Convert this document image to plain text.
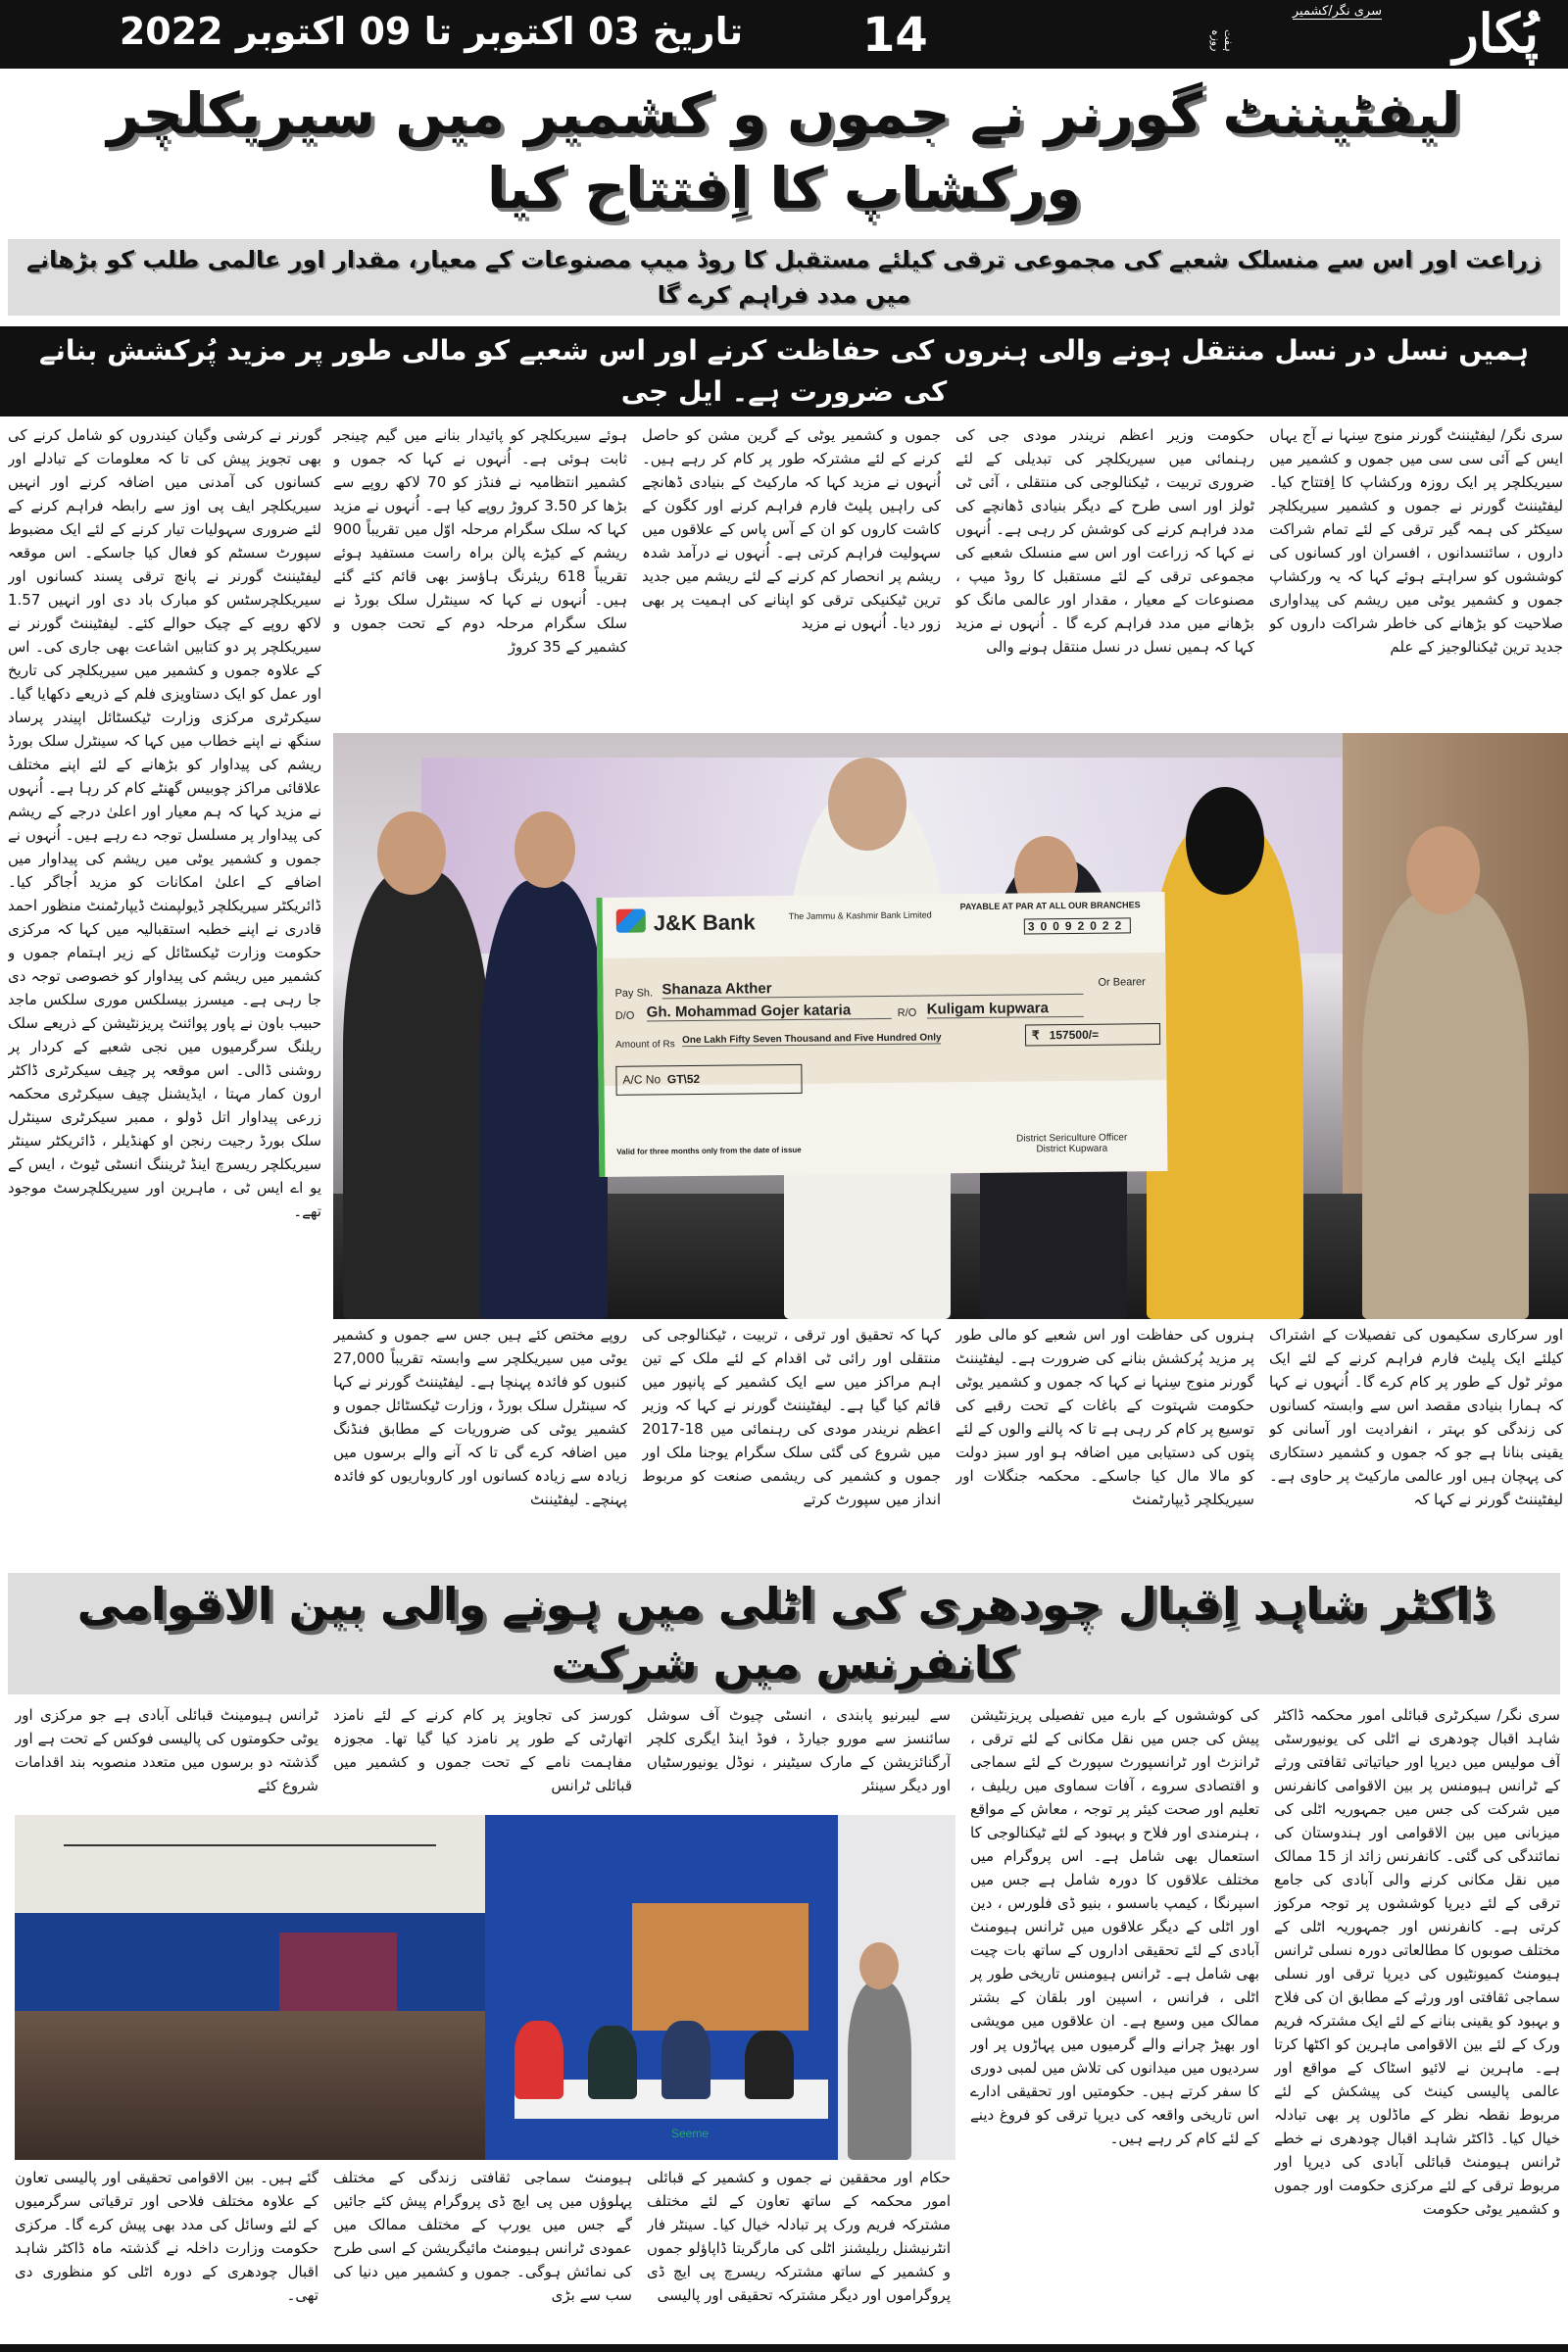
پُکار
سری نگر/کشمیر
ہفت روزہ
14
تاریخ 03 اکتوبر تا 09 اکتوبر 2022
لیفٹیننٹ گورنر نے جموں و کشمیر میں سیریکلچر ورکشاپ کا اِفتتاح کیا
زراعت اور اس سے منسلک شعبے کی مجموعی ترقی کیلئے مستقبل کا روڈ میپ مصنوعات کے معیار، مقدار اور عالمی طلب کو بڑھانے میں مدد فراہم کرے گا
ہمیں نسل در نسل منتقل ہونے والی ہنروں کی حفاظت کرنے اور اس شعبے کو مالی طور پر مزید پُرکشش بنانے کی ضرورت ہے۔ ایل جی
سری نگر/ لیفٹیننٹ گورنر منوج سِنہا نے آج یہاں ایس کے آئی سی سی میں جموں و کشمیر میں سیریکلچر پر ایک روزہ ورکشاپ کا اِفتتاح کیا۔ لیفٹیننٹ گورنر نے جموں و کشمیر سیریکلچر سیکٹر کی ہمہ گیر ترقی کے لئے تمام شراکت داروں ، سائنسدانوں ، افسران اور کسانوں کی کوششوں کو سراہتے ہوئے کہا کہ یہ ورکشاپ جموں و کشمیر یوٹی میں ریشم کی پیداواری صلاحیت کو بڑھانے کی خاطر شراکت داروں کو جدید ترین ٹیکنالوجیز کے علم
حکومت وزیر اعظم نریندر مودی جی کی رہنمائی میں سیریکلچر کی تبدیلی کے لئے ضروری تربیت ، ٹیکنالوجی کی منتقلی ، آئی ٹی ٹولز اور اسی طرح کے دیگر بنیادی ڈھانچے کی مدد فراہم کرنے کی کوشش کر رہی ہے۔ اُنہوں نے کہا کہ زراعت اور اس سے منسلک شعبے کی مجموعی ترقی کے لئے مستقبل کا روڈ میپ ، مصنوعات کے معیار ، مقدار اور عالمی مانگ کو بڑھانے میں مدد فراہم کرے گا ۔ اُنہوں نے مزید کہا کہ ہمیں نسل در نسل منتقل ہونے والی
جموں و کشمیر یوٹی کے گرین مشن کو حاصل کرنے کے لئے مشترکہ طور پر کام کر رہے ہیں۔ اُنہوں نے مزید کہا کہ مارکیٹ کے بنیادی ڈھانچے کی راہیں پلیٹ فارم فراہم کرنے اور کگون کے کاشت کاروں کو ان کے آس پاس کے علاقوں میں سہولیت فراہم کرتی ہے۔ اُنہوں نے درآمد شدہ ریشم پر انحصار کم کرنے کے لئے ریشم میں جدید ترین ٹیکنیکی ترقی کو اپنانے کی اہمیت پر بھی زور دیا۔ اُنہوں نے مزید
ہوئے سیریکلچر کو پائیدار بنانے میں گیم چینجر ثابت ہوئی ہے۔ اُنہوں نے کہا کہ جموں و کشمیر انتظامیہ نے فنڈز کو 70 لاکھ روپے سے بڑھا کر 3.50 کروڑ روپے کیا ہے۔ اُنہوں نے مزید کہا کہ سلک سگرام مرحلہ اوّل میں تقریباً 900 ریشم کے کیڑے پالن براہ راست مستفید ہوئے تقریباً 618 ریئرنگ ہاؤسز بھی قائم کئے گئے ہیں۔ اُنہوں نے کہا کہ سینٹرل سلک بورڈ نے سلک سگرام مرحلہ دوم کے تحت جموں و کشمیر کے 35 کروڑ
گورنر نے کرشی وگیان کیندروں کو شامل کرنے کی بھی تجویز پیش کی تا کہ معلومات کے تبادلے اور کسانوں کی آمدنی میں اضافہ کرنے اور انہیں سیریکلچر ایف پی اوز سے رابطہ فراہم کرنے کے لئے ضروری سہولیات تیار کرنے کے لئے ایک مضبوط سپورٹ سسٹم کو فعال کیا جاسکے۔ اس موقعہ لیفٹیننٹ گورنر نے پانچ ترقی پسند کسانوں اور سیریکلچرسٹس کو مبارک باد دی اور انہیں 1.57 لاکھ روپے کے چیک حوالے کئے۔ لیفٹیننٹ گورنر نے سیریکلچر پر دو کتابیں اشاعت بھی جاری کی۔ اس کے علاوہ جموں و کشمیر میں سیریکلچر کی تاریخ اور عمل کو ایک دستاویزی فلم کے ذریعے دکھایا گیا۔ سیکرٹری مرکزی وزارت ٹیکسٹائل اپیندر پرساد سنگھ نے اپنے خطاب میں کہا کہ سینٹرل سلک بورڈ ریشم کی پیداوار کو بڑھانے کے لئے اپنے مختلف علاقائی مراکز چوبیس گھنٹے کام کر رہا ہے۔ اُنہوں نے مزید کہا کہ ہم معیار اور اعلیٰ درجے کے ریشم کی پیداوار پر مسلسل توجہ دے رہے ہیں۔ اُنہوں نے جموں و کشمیر یوٹی میں ریشم کی پیداوار میں اضافے کے اعلیٰ امکانات کو مزید اُجاگر کیا۔ ڈائریکٹر سیریکلچر ڈیولپمنٹ ڈیپارٹمنٹ منظور احمد قادری نے اپنے خطبہ استقبالیہ میں کہا کہ مرکزی حکومت وزارت ٹیکسٹائل کے زیر اہتمام جموں و کشمیر میں ریشم کی پیداوار کو خصوصی توجہ دی جا رہی ہے۔ میسرز بیسلکس موری سلکس ماجد حبیب باون نے پاور پوائنٹ پریزنٹیشن کے ذریعے سلک ریلنگ سرگرمیوں میں نجی شعبے کے کردار پر روشنی ڈالی۔ اس موقعہ پر چیف سیکرٹری ڈاکٹر ارون کمار مہتا ، ایڈیشنل چیف سیکرٹری محکمہ زرعی پیداوار اتل ڈولو ، ممبر سیکرٹری سینٹرل سلک بورڈ رجیت رنجن او کھنڈیلر ، ڈائریکٹر سینٹر سیریکلچر ریسرچ اینڈ ٹریننگ انسٹی ٹیوٹ ، ایس کے یو اے ایس ٹی ، ماہرین اور سیریکلچرسٹ موجود تھے۔
J&K Bank	The Jammu & Kashmir Bank Limited
PAYABLE AT PAR AT ALL OUR BRANCHES
30092022
Pay Sh. Shanaza Akther	Or Bearer
D/O Gh. Mohammad Gojer kataria	R/O Kuligam kupwara
Amount of Rs One Lakh Fifty Seven Thousand and Five Hundred Only	₹ 157500/=
A/C No GT\52
Valid for three months only from the date of issue
District Sericulture Officer
District Kupwara
اور سرکاری سکیموں کی تفصیلات کے اشتراک کیلئے ایک پلیٹ فارم فراہم کرنے کے لئے ایک موثر ٹول کے طور پر کام کرے گا۔ اُنہوں نے کہا کہ ہمارا بنیادی مقصد اس سے وابستہ کسانوں کی زندگی کو بہتر ، انفرادیت اور آسانی کو یقینی بنانا ہے جو کہ جموں و کشمیر دستکاری کی پہچان ہیں اور عالمی مارکیٹ پر حاوی ہے۔ لیفٹیننٹ گورنر نے کہا کہ
ہنروں کی حفاظت اور اس شعبے کو مالی طور پر مزید پُرکشش بنانے کی ضرورت ہے۔ لیفٹیننٹ گورنر منوج سِنہا نے کہا کہ جموں و کشمیر یوٹی حکومت شہتوت کے باغات کے تحت رقبے کی توسیع پر کام کر رہی ہے تا کہ پالنے والوں کے لئے پتوں کی دستیابی میں اضافہ ہو اور سبز دولت کو مالا مال کیا جاسکے۔ محکمہ جنگلات اور سیریکلچر ڈیپارٹمنٹ
کہا کہ تحقیق اور ترقی ، تربیت ، ٹیکنالوجی کی منتقلی اور رائی ٹی اقدام کے لئے ملک کے تین اہم مراکز میں سے ایک کشمیر کے پانپور میں قائم کیا گیا ہے۔ لیفٹیننٹ گورنر نے کہا کہ وزیر اعظم نریندر مودی کی رہنمائی میں 18-2017 میں شروع کی گئی سلک سگرام یوجنا ملک اور جموں و کشمیر کی ریشمی صنعت کو مربوط انداز میں سپورٹ کرتے
روپے مختص کئے ہیں جس سے جموں و کشمیر یوٹی میں سیریکلچر سے وابستہ تقریباً 27,000 کنبوں کو فائدہ پہنچا ہے۔ لیفٹیننٹ گورنر نے کہا کہ سینٹرل سلک بورڈ ، وزارت ٹیکسٹائل جموں و کشمیر یوٹی کی ضروریات کے مطابق فنڈنگ میں اضافہ کرے گی تا کہ آنے والے برسوں میں زیادہ سے زیادہ کسانوں اور کاروباریوں کو فائدہ پہنچے۔ لیفٹیننٹ
ڈاکٹر شاہد اِقبال چودھری کی اٹلی میں ہونے والی بین الاقوامی کانفرنس میں شرکت
سری نگر/ سیکرٹری قبائلی امور محکمہ ڈاکٹر شاہد اقبال چودھری نے اٹلی کی یونیورسٹی آف مولیس میں دیرپا اور حیاتیاتی ثقافتی ورثے کے ٹرانس ہیومنس پر بین الاقوامی کانفرنس میں شرکت کی جس میں جمہوریہ اٹلی کی میزبانی میں بین الاقوامی اور ہندوستان کی نمائندگی کی گئی۔ کانفرنس زائد از 15 ممالک میں نقل مکانی کرنے والی آبادی کی جامع ترقی کے لئے دیرپا کوششوں پر توجہ مرکوز کرتی ہے۔ کانفرنس اور جمہوریہ اٹلی کے مختلف صوبوں کا مطالعاتی دورہ نسلی ٹرانس ہیومنٹ کمیونٹیوں کی دیرپا ترقی اور نسلی سماجی ثقافتی اور ورثے کے مطابق ان کی فلاح و بہبود کو یقینی بنانے کے لئے ایک مشترکہ فریم ورک کے لئے بین الاقوامی ماہرین کو اکٹھا کرتا ہے۔ ماہرین نے لائیو اسٹاک کے مواقع اور عالمی پالیسی کینٹ کی پیشکش کے لئے مربوط نقطہ نظر کے ماڈلوں پر بھی تبادلہ خیال کیا۔ ڈاکٹر شاہد اقبال چودھری نے خطے ٹرانس ہیومنٹ قبائلی آبادی کی دیرپا اور مربوط ترقی کے لئے مرکزی حکومت اور جموں و کشمیر یوٹی حکومت
کی کوششوں کے بارے میں تفصیلی پریزنٹیشن پیش کی جس میں نقل مکانی کے لئے ترقی ، ٹرانزٹ اور ٹرانسپورٹ سپورٹ کے لئے سماجی و اقتصادی سروے ، آفات سماوی میں ریلیف ، تعلیم اور صحت کیئر پر توجہ ، معاش کے مواقع ، ہنرمندی اور فلاح و بہبود کے لئے ٹیکنالوجی کا استعمال بھی شامل ہے۔ اس پروگرام میں مختلف علاقوں کا دورہ شامل ہے جس میں اسپرنگا ، کیمپ باسسو ، بنیو ڈی فلورس ، دین اور اٹلی کے دیگر علاقوں میں ٹرانس ہیومنٹ آبادی کے لئے تحقیقی اداروں کے ساتھ بات چیت بھی شامل ہے۔ ٹرانس ہیومنس تاریخی طور پر اٹلی ، فرانس ، اسپین اور بلقان کے بشتر ممالک میں وسیع ہے۔ ان علاقوں میں مویشی اور بھیڑ چرانے والے گرمیوں میں پہاڑوں پر اور سردیوں میں میدانوں کی تلاش میں لمبی دوری کا سفر کرتے ہیں۔ حکومتیں اور تحقیقی ادارے اس تاریخی واقعہ کی دیرپا ترقی کو فروغ دینے کے لئے کام کر رہے ہیں۔
سے لیبرنیو پابندی ، انسٹی چیوٹ آف سوشل سائنسز سے مورو جیارڈ ، فوڈ اینڈ ایگری کلچر آرگنائزیشن کے مارک سیٹینر ، نوڈل یونیورسٹیاں اور دیگر سینئر
کورسز کی تجاویز پر کام کرنے کے لئے نامزد اتھارٹی کے طور پر نامزد کیا گیا تھا۔ مجوزہ مفاہمت نامے کے تحت جموں و کشمیر میں قبائلی ٹرانس
ٹرانس ہیومینٹ قبائلی آبادی ہے جو مرکزی اور یوٹی حکومتوں کی پالیسی فوکس کے تحت ہے اور گذشتہ دو برسوں میں متعدد منصوبہ بند اقدامات شروع کئے
Seeme
حکام اور محققین نے جموں و کشمیر کے قبائلی امور محکمہ کے ساتھ تعاون کے لئے مختلف مشترکہ فریم ورک پر تبادلہ خیال کیا۔ سینٹر فار انٹرنیشنل ریلیشنز اٹلی کی مارگریتا ڈاپاؤلو جموں و کشمیر کے ساتھ مشترکہ ریسرچ پی ایچ ڈی پروگراموں اور دیگر مشترکہ تحقیقی اور پالیسی
ہیومنٹ سماجی ثقافتی زندگی کے مختلف پہلوؤں میں پی ایچ ڈی پروگرام پیش کئے جائیں گے جس میں یورپ کے مختلف ممالک میں عمودی ٹرانس ہیومنٹ مائیگریشن کے اسی طرح کی نمائش ہوگی۔ جموں و کشمیر میں دنیا کی سب سے بڑی
گئے ہیں۔ بین الاقوامی تحقیقی اور پالیسی تعاون کے علاوہ مختلف فلاحی اور ترقیاتی سرگرمیوں کے لئے وسائل کی مدد بھی پیش کرے گا۔ مرکزی حکومت وزارت داخلہ نے گذشتہ ماہ ڈاکٹر شاہد اقبال چودھری کے دورہ اٹلی کو منظوری دی تھی۔
